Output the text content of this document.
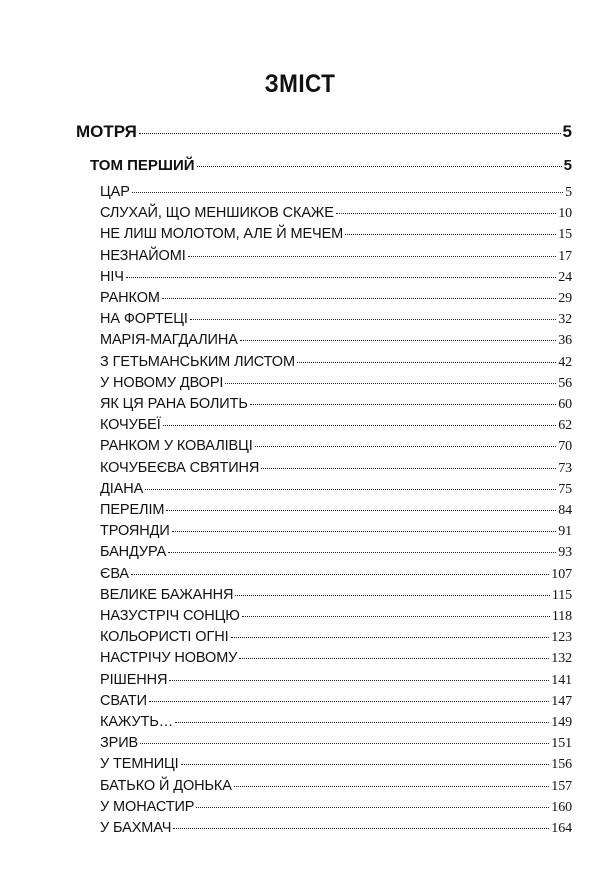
ЗМІСТ
МОТРЯ	5
ТОМ ПЕРШИЙ	5
ЦАР	5
СЛУХАЙ, ЩО МЕНШИКОВ СКАЖЕ	10
НЕ ЛИШ МОЛОТОМ, АЛЕ Й МЕЧЕМ	15
НЕЗНАЙОМІ	17
НІЧ	24
РАНКОМ	29
НА ФОРТЕЦІ	32
МАРІЯ-МАГДАЛИНА	36
З ГЕТЬМАНСЬКИМ ЛИСТОМ	42
У НОВОМУ ДВОРІ	56
ЯК ЦЯ РАНА БОЛИТЬ	60
КОЧУБЕЇ	62
РАНКОМ У КОВАЛІВЦІ	70
КОЧУБЕЄВА СВЯТИНЯ	73
ДІАНА	75
ПЕРЕЛІМ	84
ТРОЯНДИ	91
БАНДУРА	93
ЄВА	107
ВЕЛИКЕ БАЖАННЯ	115
НАЗУСТРІЧ СОНЦЮ	118
КОЛЬОРИСТІ ОГНІ	123
НАСТРІЧУ НОВОМУ	132
РІШЕННЯ	141
СВАТИ	147
КАЖУТЬ…	149
ЗРИВ	151
У ТЕМНИЦІ	156
БАТЬКО Й ДОНЬКА	157
У МОНАСТИР	160
У БАХМАЧ	164
